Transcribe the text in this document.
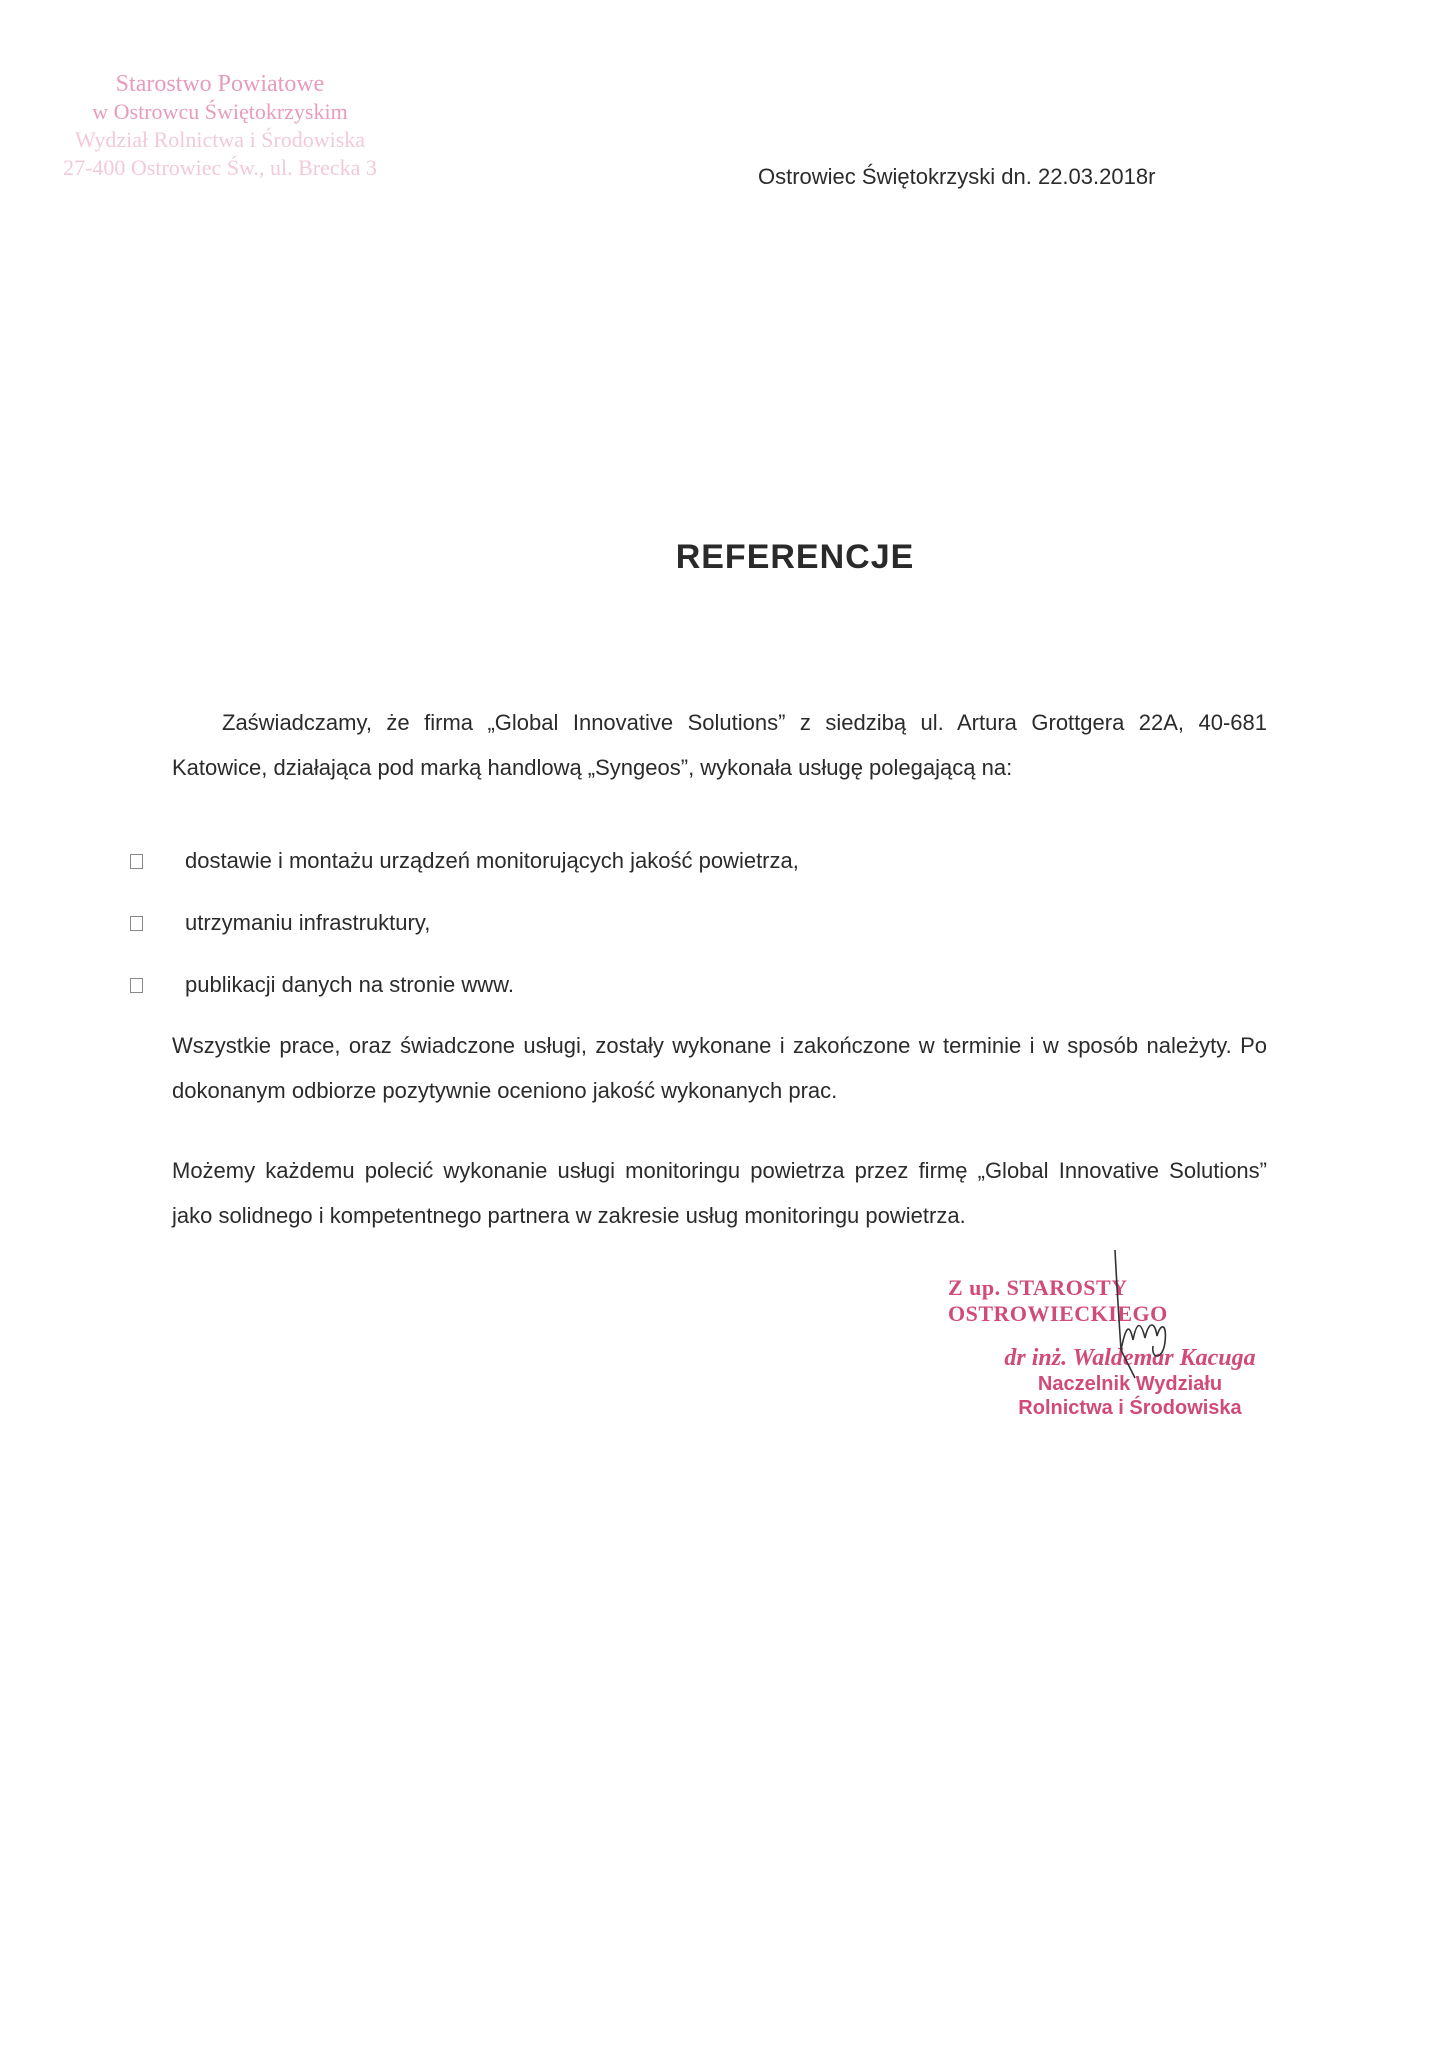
Starostwo Powiatowe
w Ostrowcu Świętokrzyskim
Wydział Rolnictwa i Środowiska
27-400 Ostrowiec Św., ul. Brecka 3	Ostrowiec Świętokrzyski dn. 22.03.2018r
REFERENCJE
Zaświadczamy, że firma „Global Innovative Solutions” z siedzibą ul. Artura Grottgera 22A, 40-681 Katowice, działająca pod marką handlową „Syngeos”, wykonała usługę polegającą na:
dostawie i montażu urządzeń monitorujących jakość powietrza,
utrzymaniu infrastruktury,
publikacji danych na stronie www.
Wszystkie prace, oraz świadczone usługi, zostały wykonane i zakończone w terminie i w sposób należyty. Po dokonanym odbiorze pozytywnie oceniono jakość wykonanych prac.
Możemy każdemu polecić wykonanie usługi monitoringu powietrza przez firmę „Global Innovative Solutions” jako solidnego i kompetentnego partnera w zakresie usług monitoringu powietrza.
Z up. STAROSTY OSTROWIECKIEGO
dr inż. Waldemar Kacuga
Naczelnik Wydziału
Rolnictwa i Środowiska
